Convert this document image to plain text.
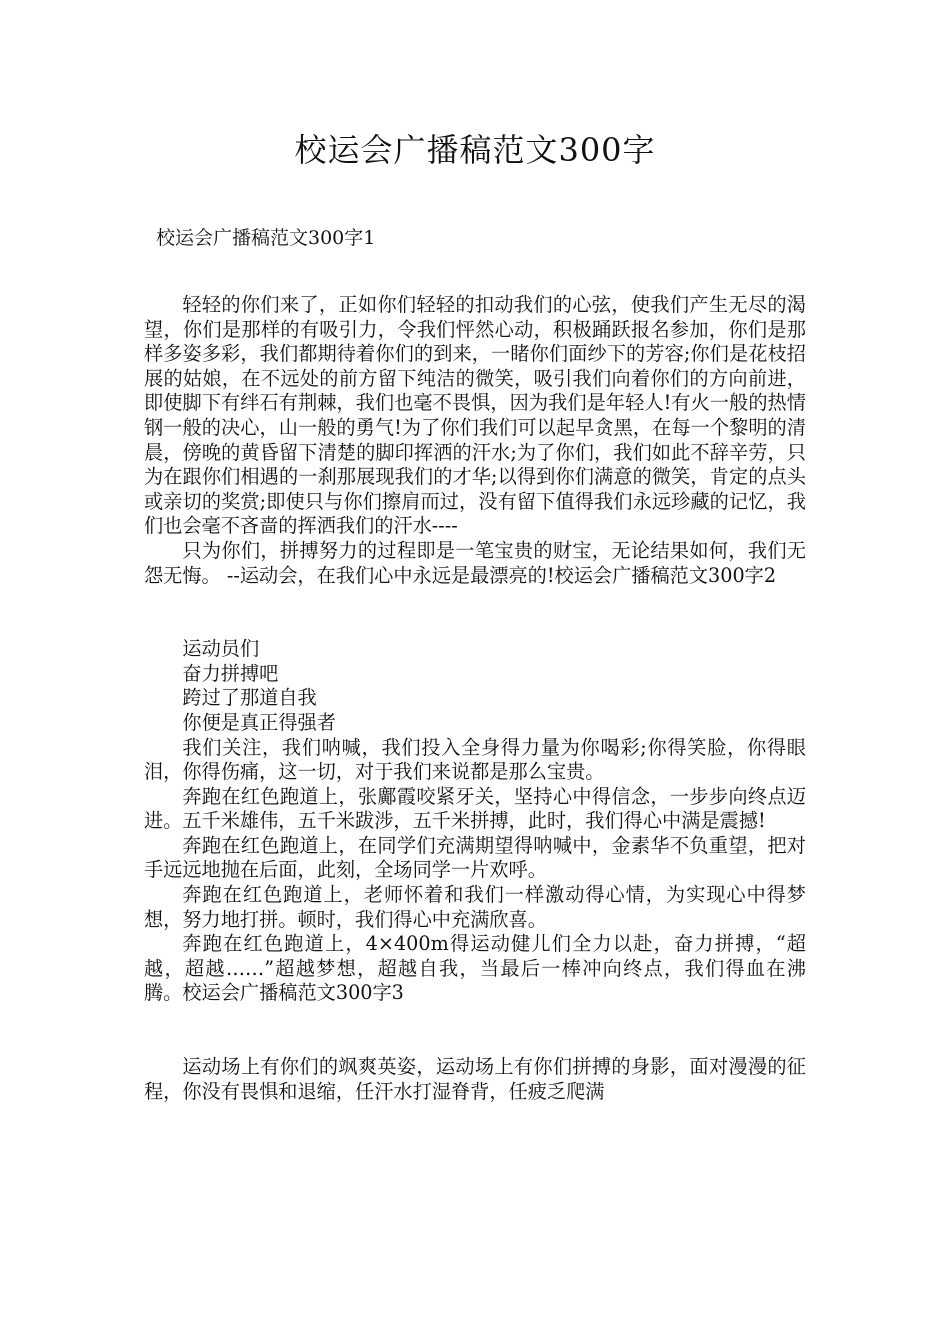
校运会广播稿范文300字
校运会广播稿范文300字1

轻轻的你们来了，正如你们轻轻的扣动我们的心弦，使我们产生无尽的渴望，你们是那样的有吸引力，令我们怦然心动，积极踊跃报名参加，你们是那样多姿多彩，我们都期待着你们的到来，一睹你们面纱下的芳容;你们是花枝招展的姑娘，在不远处的前方留下纯洁的微笑，吸引我们向着你们的方向前进，即使脚下有绊石有荆棘，我们也毫不畏惧，因为我们是年轻人!有火一般的热情钢一般的决心，山一般的勇气!为了你们我们可以起早贪黑，在每一个黎明的清晨，傍晚的黄昏留下清楚的脚印挥洒的汗水;为了你们，我们如此不辞辛劳，只为在跟你们相遇的一刹那展现我们的才华;以得到你们满意的微笑，肯定的点头或亲切的奖赏;即使只与你们擦肩而过，没有留下值得我们永远珍藏的记忆，我们也会毫不吝啬的挥洒我们的汗水----

只为你们，拼搏努力的过程即是一笔宝贵的财宝，无论结果如何，我们无怨无悔。 --运动会，在我们心中永远是最漂亮的!校运会广播稿范文300字2

运动员们

奋力拼搏吧

跨过了那道自我

你便是真正得强者

我们关注，我们呐喊，我们投入全身得力量为你喝彩;你得笑脸，你得眼泪，你得伤痛，这一切，对于我们来说都是那么宝贵。

奔跑在红色跑道上，张鄺霞咬紧牙关，坚持心中得信念，一步步向终点迈进。五千米雄伟，五千米跋涉，五千米拼搏，此时，我们得心中满是震撼!

奔跑在红色跑道上，在同学们充满期望得呐喊中，金素华不负重望，把对手远远地抛在后面，此刻，全场同学一片欢呼。

奔跑在红色跑道上，老师怀着和我们一样激动得心情，为实现心中得梦想，努力地打拼。顿时，我们得心中充满欣喜。

奔跑在红色跑道上，4×400m得运动健儿们全力以赴，奋力拼搏，“超越，超越……”超越梦想，超越自我，当最后一棒冲向终点，我们得血在沸腾。校运会广播稿范文300字3

运动场上有你们的飒爽英姿，运动场上有你们拼搏的身影，面对漫漫的征程，你没有畏惧和退缩，任汗水打湿脊背，任疲乏爬满
